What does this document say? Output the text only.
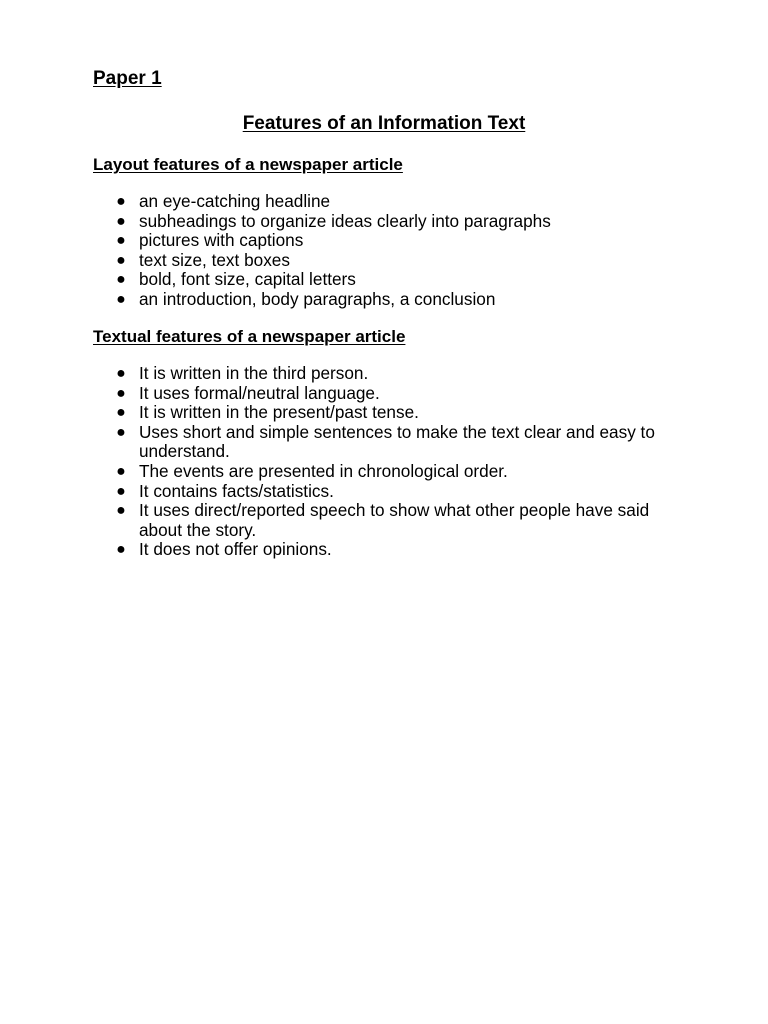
Paper 1
Features of an Information Text
Layout features of a newspaper article
● an eye-catching headline
● subheadings to organize ideas clearly into paragraphs
● pictures with captions
● text size, text boxes
● bold, font size, capital letters
● an introduction, body paragraphs, a conclusion
Textual features of a newspaper article
● It is written in the third person.
● It uses formal/neutral language.
● It is written in the present/past tense.
● Uses short and simple sentences to make the text clear and easy to understand.
● The events are presented in chronological order.
● It contains facts/statistics.
● It uses direct/reported speech to show what other people have said about the story.
● It does not offer opinions.
